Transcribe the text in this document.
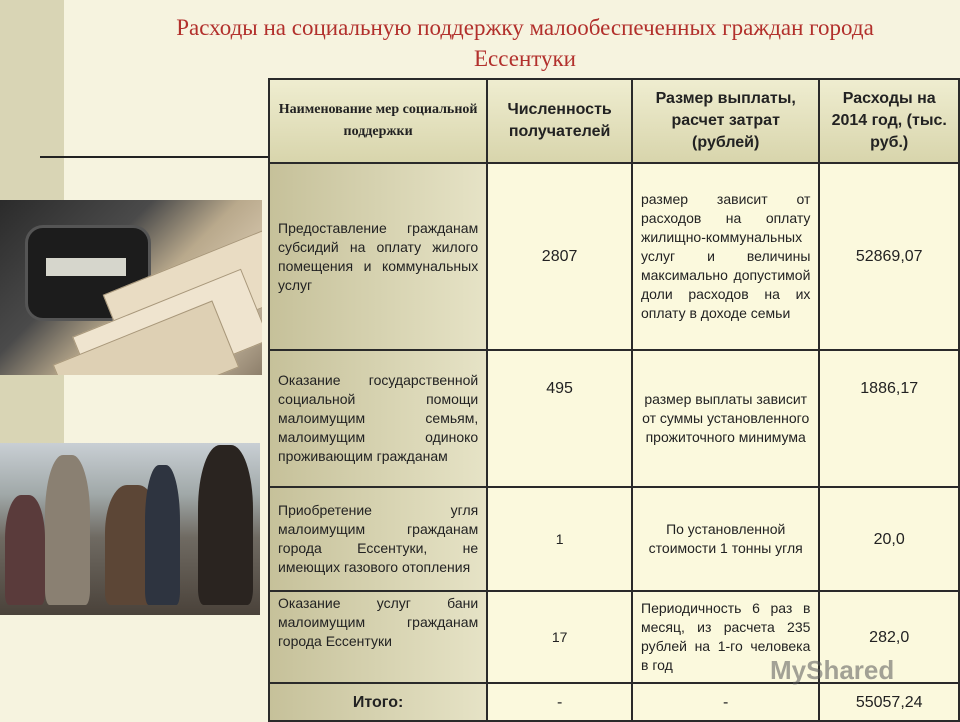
Расходы на социальную поддержку малообеспеченных граждан города Ессентуки
Наименование мер социальной поддержки	Численность получателей	Размер выплаты, расчет затрат (рублей)	Расходы на 2014 год, (тыс. руб.)
Предоставление гражданам субсидий на оплату жилого помещения и коммунальных услуг	2807	размер зависит от расходов на оплату жилищно-коммунальных услуг и величины максимально допустимой доли расходов на их оплату в доходе семьи	52869,07
Оказание государственной социальной помощи малоимущим семьям, малоимущим одиноко проживающим гражданам	495	размер выплаты зависит от суммы установленного прожиточного минимума	1886,17
Приобретение угля малоимущим гражданам города Ессентуки, не имеющих газового отопления	1	По установленной стоимости 1 тонны угля	20,0
Оказание услуг бани малоимущим гражданам города Ессентуки	17	Периодичность 6 раз в месяц, из расчета 235 рублей на 1-го человека в год	282,0
Итого:	-	-	55057,24
MyShared
